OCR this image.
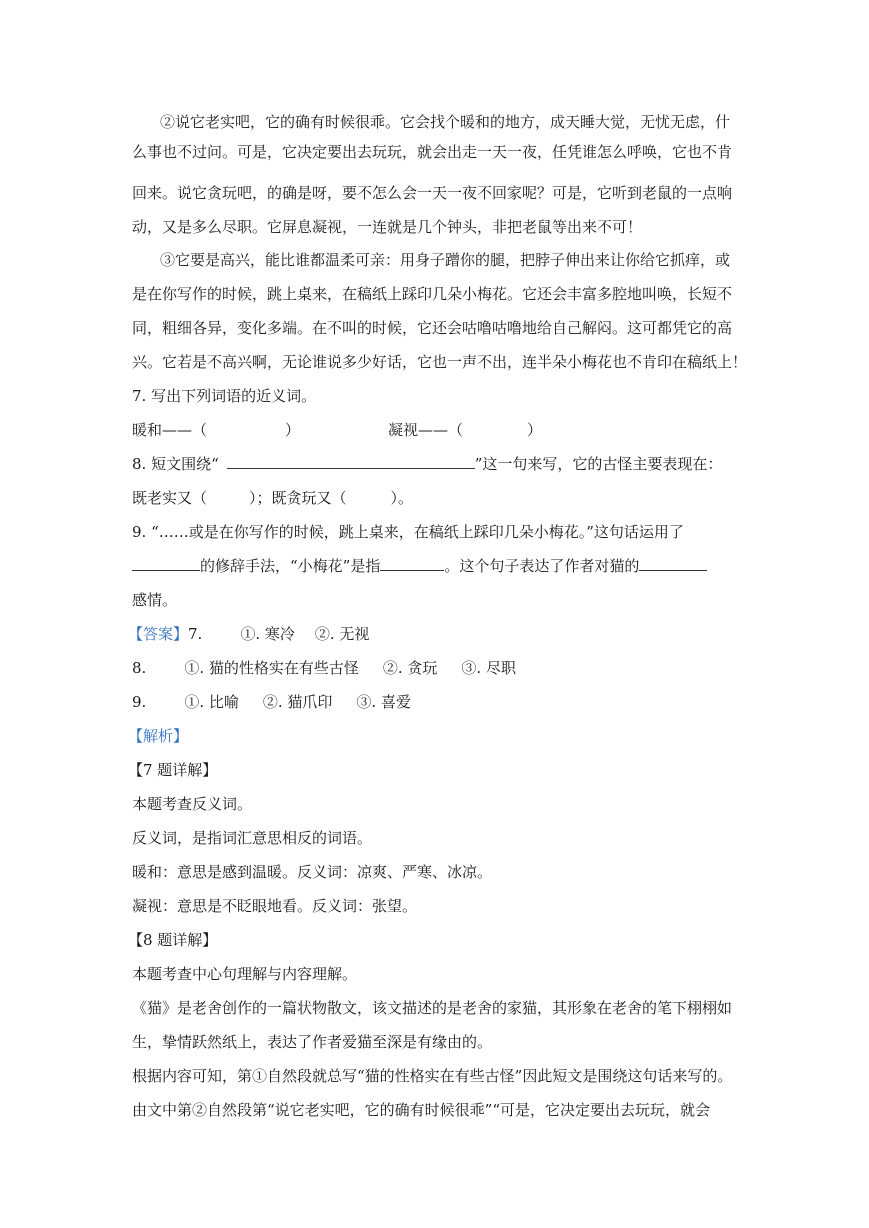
②说它老实吧，它的确有时候很乖。它会找个暖和的地方，成天睡大觉，无忧无虑，什
么事也不过问。可是，它决定要出去玩玩，就会出走一天一夜，任凭谁怎么呼唤，它也不肯
回来。说它贪玩吧，的确是呀，要不怎么会一天一夜不回家呢？可是，它听到老鼠的一点响
动，又是多么尽职。它屏息凝视，一连就是几个钟头，非把老鼠等出来不可！
③它要是高兴，能比谁都温柔可亲：用身子蹭你的腿，把脖子伸出来让你给它抓痒，或
是在你写作的时候，跳上桌来，在稿纸上踩印几朵小梅花。它还会丰富多腔地叫唤，长短不
同，粗细各异，变化多端。在不叫的时候，它还会咕噜咕噜地给自己解闷。这可都凭它的高
兴。它若是不高兴啊，无论谁说多少好话，它也一声不出，连半朵小梅花也不肯印在稿纸上！
7. 写出下列词语的近义词。
暖和——（	）	凝视——（	）
8. 短文围绕“	”这一句来写，它的古怪主要表现在：
既老实又（	）；既贪玩又（	）。
9. “……或是在你写作的时候，跳上桌来，在稿纸上踩印几朵小梅花。”这句话运用了
的修辞手法，“小梅花”是指	。这个句子表达了作者对猫的
感情。
【答案】7.	①. 寒冷 ②. 无视
8.	①. 猫的性格实在有些古怪 ②. 贪玩 ③. 尽职
9.	①. 比喻 ②. 猫爪印 ③. 喜爱
【解析】
【7 题详解】
本题考查反义词。
反义词，是指词汇意思相反的词语。
暖和：意思是感到温暖。反义词：凉爽、严寒、冰凉。
凝视：意思是不眨眼地看。反义词：张望。
【8 题详解】
本题考查中心句理解与内容理解。
《猫》是老舍创作的一篇状物散文，该文描述的是老舍的家猫，其形象在老舍的笔下栩栩如
生，挚情跃然纸上，表达了作者爱猫至深是有缘由的。
根据内容可知，第①自然段就总写“猫的性格实在有些古怪”因此短文是围绕这句话来写的。
由文中第②自然段第“说它老实吧，它的确有时候很乖”“可是，它决定要出去玩玩，就会
